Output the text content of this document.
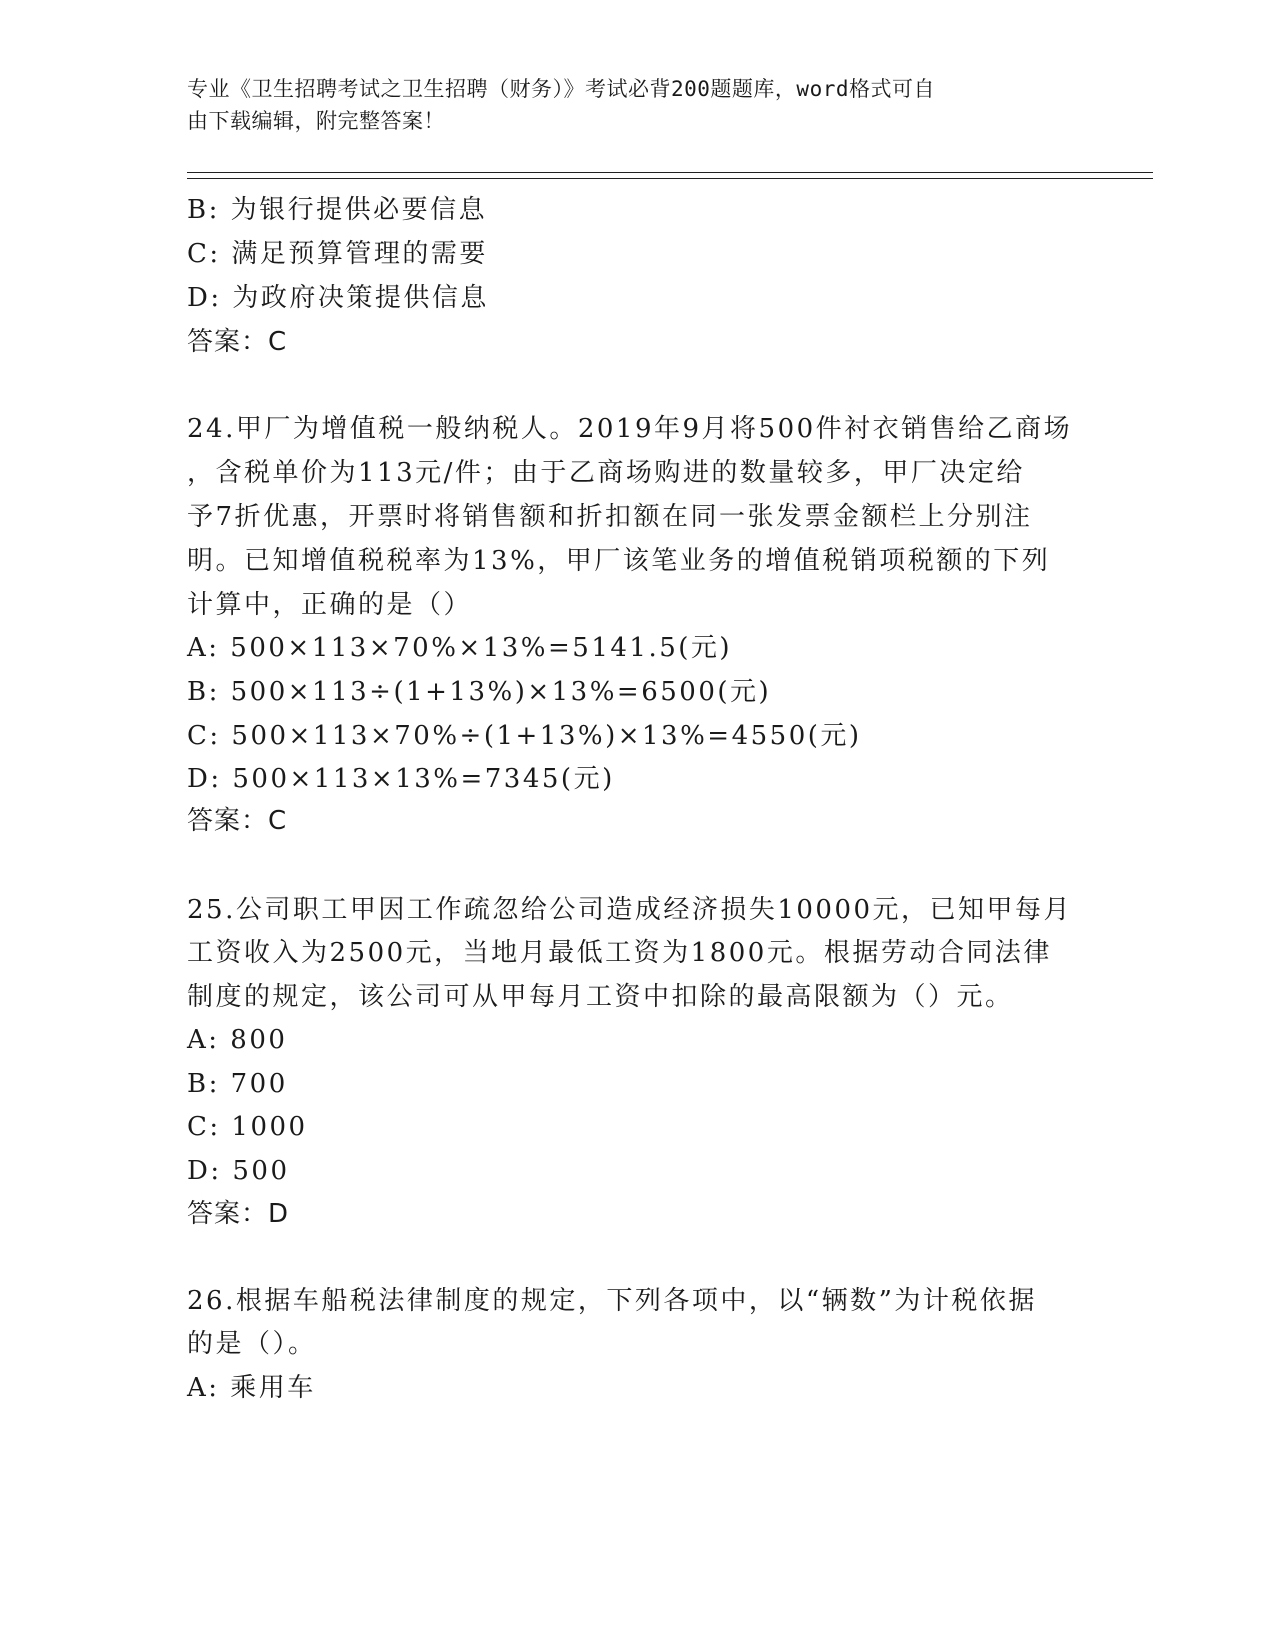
专业《卫生招聘考试之卫生招聘（财务）》考试必背200题题库，word格式可自
由下载编辑，附完整答案！
B: 为银行提供必要信息
C: 满足预算管理的需要
D: 为政府决策提供信息
答案：C
24.甲厂为增值税一般纳税人。2019年9月将500件衬衣销售给乙商场
，含税单价为113元/件；由于乙商场购进的数量较多，甲厂决定给
予7折优惠，开票时将销售额和折扣额在同一张发票金额栏上分别注
明。已知增值税税率为13%，甲厂该笔业务的增值税销项税额的下列
计算中，正确的是（）
A: 500×113×70%×13%=5141.5(元)
B: 500×113÷(1+13%)×13%=6500(元)
C: 500×113×70%÷(1+13%)×13%=4550(元)
D: 500×113×13%=7345(元)
答案：C
25.公司职工甲因工作疏忽给公司造成经济损失10000元，已知甲每月
工资收入为2500元，当地月最低工资为1800元。根据劳动合同法律
制度的规定，该公司可从甲每月工资中扣除的最高限额为（）元。
A: 800
B: 700
C: 1000
D: 500
答案：D
26.根据车船税法律制度的规定，下列各项中，以“辆数”为计税依据
的是（）。
A: 乘用车
